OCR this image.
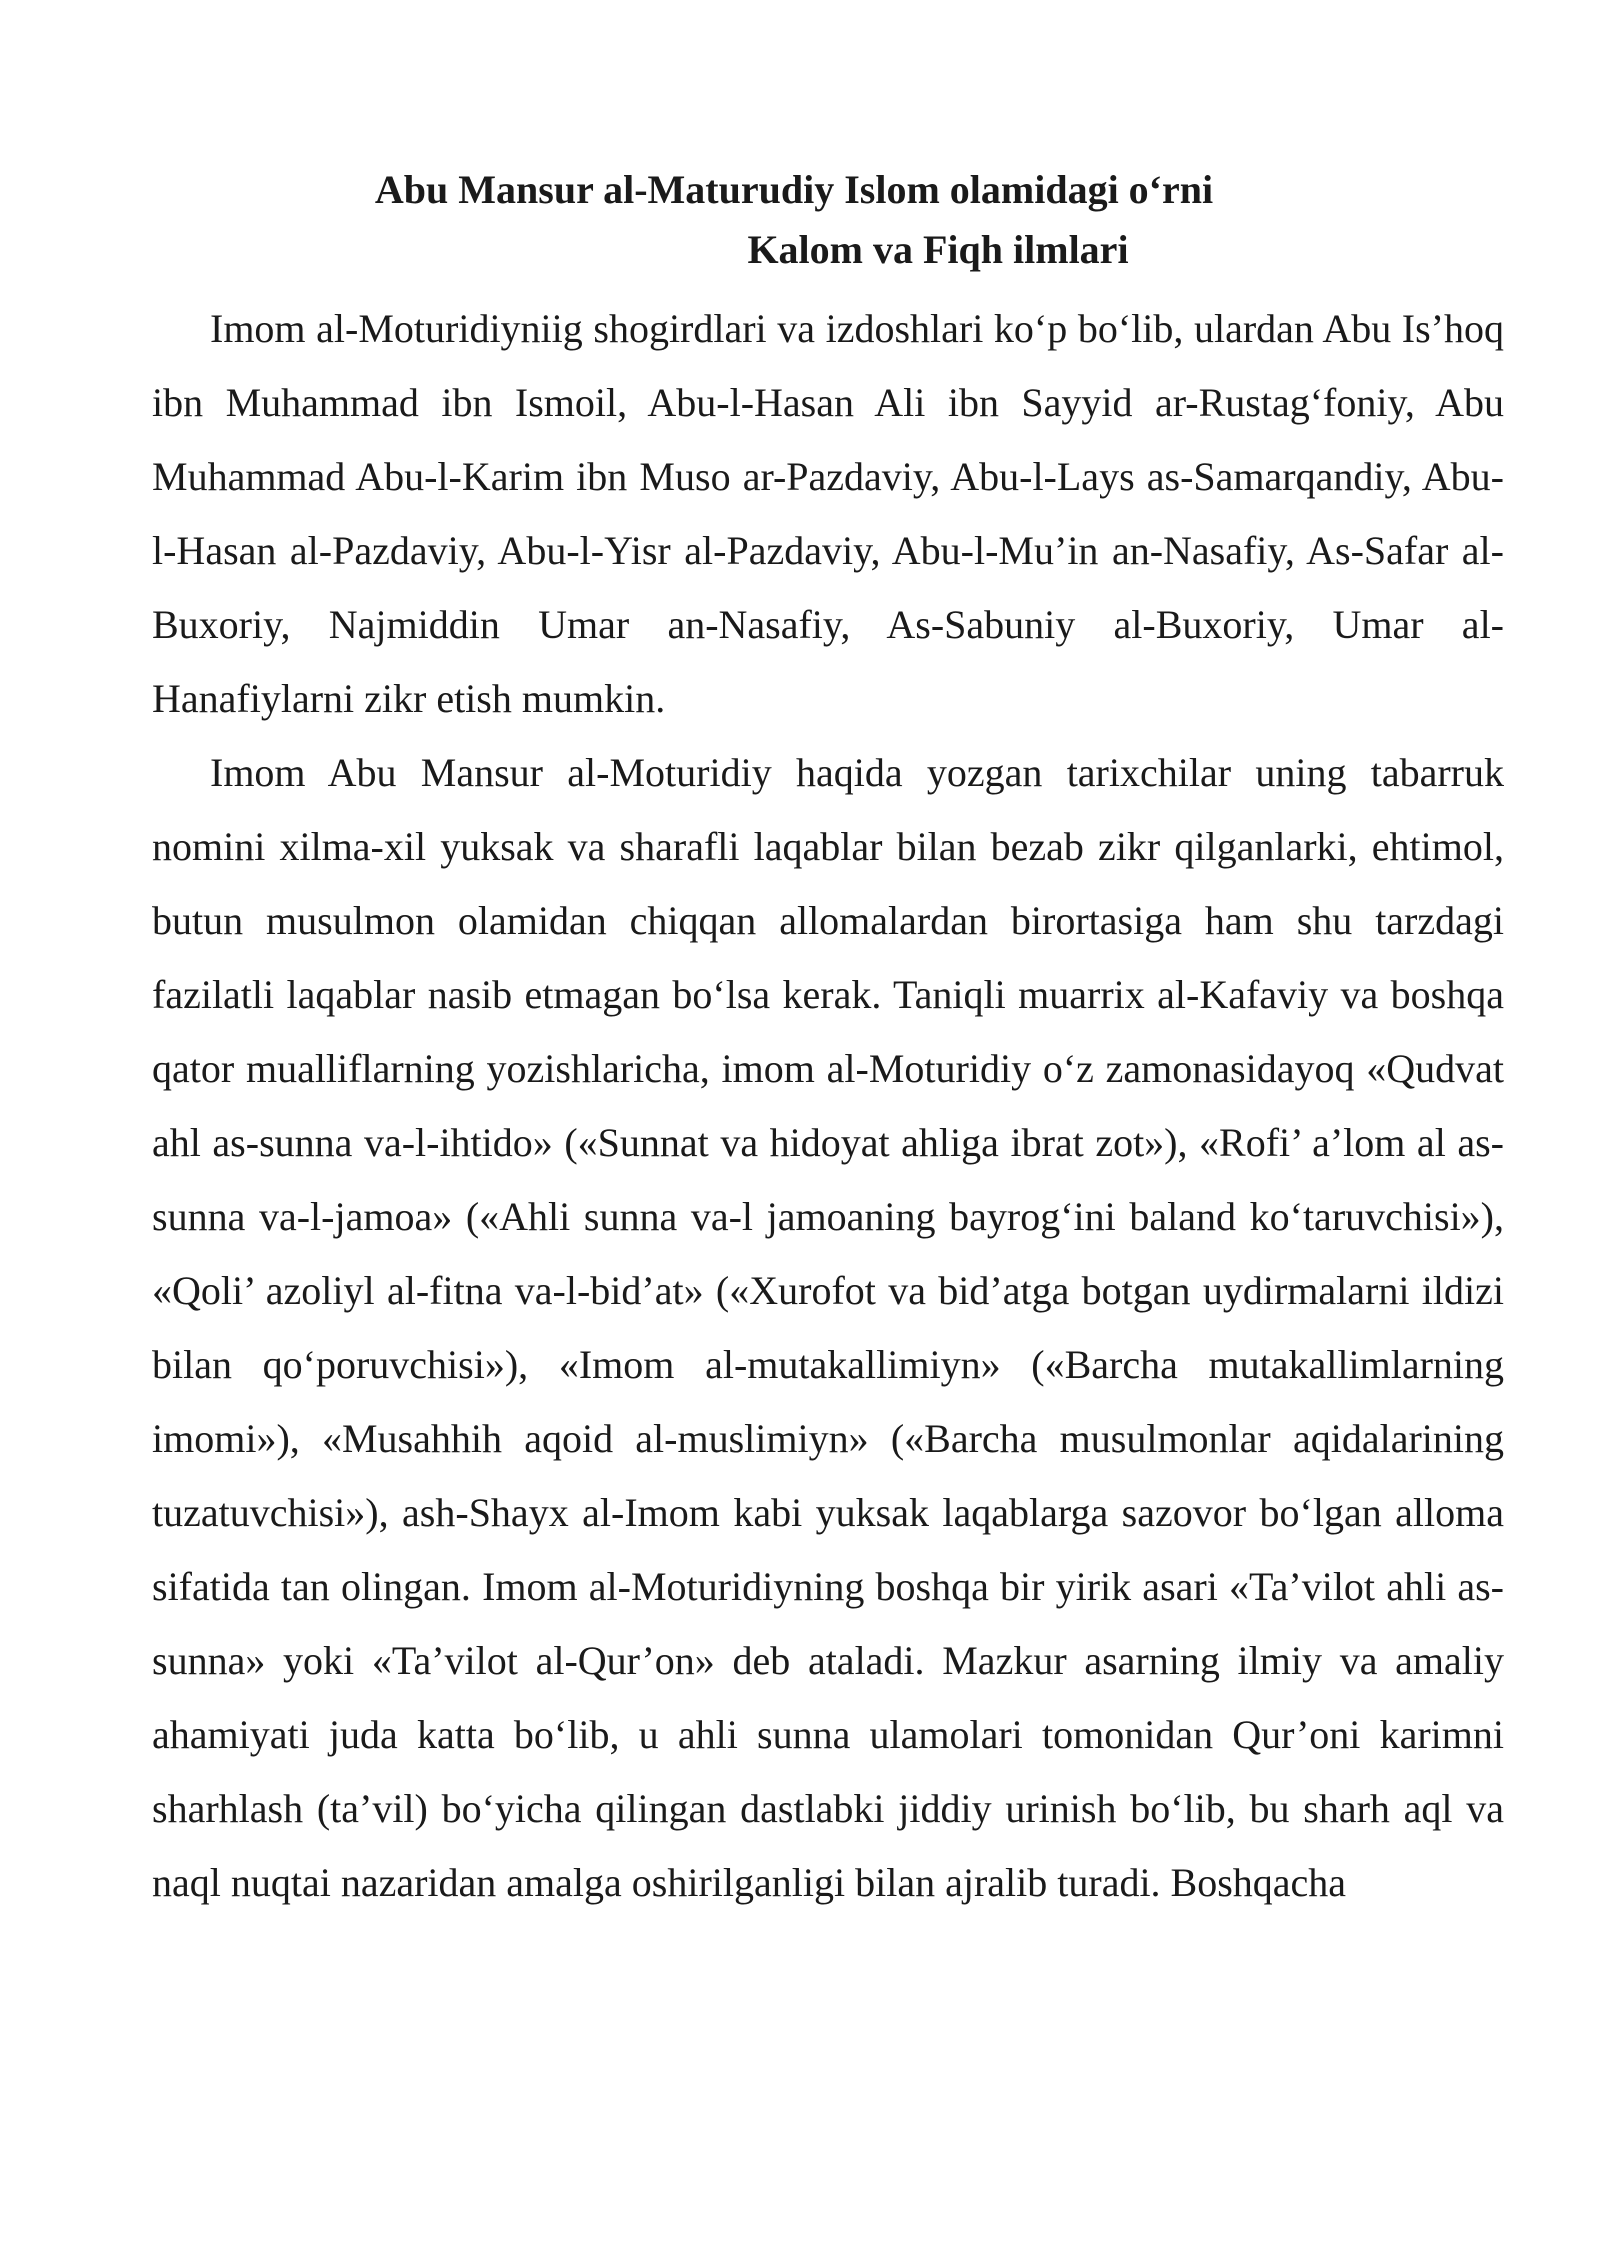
Abu Mansur al-Maturudiy Islom olamidagi o‘rni
Kalom va Fiqh ilmlari

Imom al-Moturidiyniig shogirdlari va izdoshlari ko‘p bo‘lib, ulardan Abu Is’hoq ibn Muhammad ibn Ismoil, Abu-l-Hasan Ali ibn Sayyid ar-Rustag‘foniy, Abu Muhammad Abu-l-Karim ibn Muso ar-Pazdaviy, Abu-l-Lays as-Samarqandiy, Abu-l-Hasan al-Pazdaviy, Abu-l-Yisr al-Pazdaviy, Abu-l-Mu’in an-Nasafiy, As-Safar al-Buxoriy, Najmiddin Umar an-Nasafiy, As-Sabuniy al-Buxoriy, Umar al-Hanafiylarni zikr etish mumkin.

Imom Abu Mansur al-Moturidiy haqida yozgan tarixchilar uning tabarruk nomini xilma-xil yuksak va sharafli laqablar bilan bezab zikr qilganlarki, ehtimol, butun musulmon olamidan chiqqan allomalardan birortasiga ham shu tarzdagi fazilatli laqablar nasib etmagan bo‘lsa kerak. Taniqli muarrix al-Kafaviy va boshqa qator mualliflarning yozishlaricha, imom al-Moturidiy o‘z zamonasidayoq «Qudvat ahl as-sunna va-l-ihtido» («Sunnat va hidoyat ahliga ibrat zot»), «Rofi’ a’lom al as-sunna va-l-jamoa» («Ahli sunna va-l jamoaning bayrog‘ini baland ko‘taruvchisi»), «Qoli’ azoliyl al-fitna va-l-bid’at» («Xurofot va bid’atga botgan uydirmalarni ildizi bilan qo‘poruvchisi»), «Imom al-mutakallimiyn» («Barcha mutakallimlarning imomi»), «Musahhih aqoid al-muslimiyn» («Barcha musulmonlar aqidalarining tuzatuvchisi»), ash-Shayx al-Imom kabi yuksak laqablarga sazovor bo‘lgan alloma sifatida tan olingan. Imom al-Moturidiyning boshqa bir yirik asari «Ta’vilot ahli as-sunna» yoki «Ta’vilot al-Qur’on» deb ataladi. Mazkur asarning ilmiy va amaliy ahamiyati juda katta bo‘lib, u ahli sunna ulamolari tomonidan Qur’oni karimni sharhlash (ta’vil) bo‘yicha qilingan dastlabki jiddiy urinish bo‘lib, bu sharh aql va naql nuqtai nazaridan amalga oshirilganligi bilan ajralib turadi. Boshqacha
